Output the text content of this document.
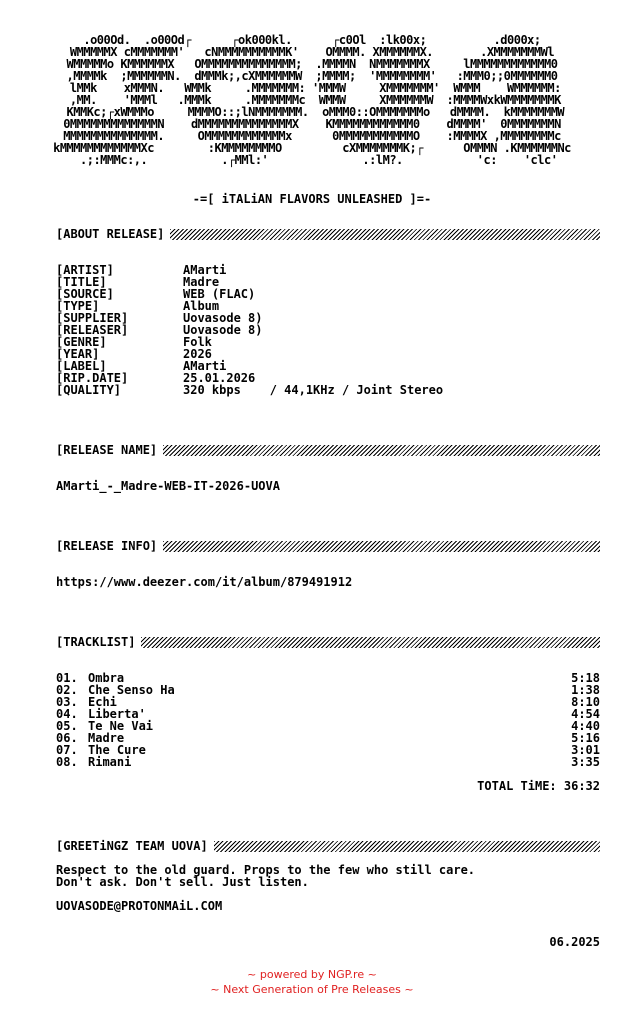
.o00Od.  .o00Od┌      ┌ok000kl.      ┌c0Ol  :lk00x;          .d000x;
WMMMMMX cMMMMMMM'   cNMMMMMMMMMMK'    OMMMM. XMMMMMMX.       .XMMMMMMMWl
WMMMMMo KMMMMMMX   OMMMMMMMMMMMMMM;  .MMMMN  NMMMMMMMX     lMMMMMMMMMMMM0
,MMMMk  ;MMMMMMN.  dMMMk;,cXMMMMMMW  ;MMMM;  'MMMMMMMM'   :MMM0;;0MMMMMM0
lMMk    xMMMN.   WMMk     .MMMMMMM: 'MMMW     XMMMMMMM'  WMMM    WMMMMMM:
,MM.    'MMMl   .MMMk     .MMMMMMMc  WMMW     XMMMMMMW  :MMMMWxkWMMMMMMMK
KMMKc;┌xWMMMo     MMMMO::;lNMMMMMMM.  oMMM0::OMMMMMMMo   dMMMM.  kMMMMMMMW
0MMMMMMMMMMMMMN    dMMMMMMMMMMMMMMX    KMMMMMMMMMMMM0    dMMMM'  0MMMMMMMN
MMMMMMMMMMMMMM.     OMMMMMMMMMMMMx      0MMMMMMMMMMMO    :MMMMX ,MMMMMMMMc
kMMMMMMMMMMMMXc        :KMMMMMMMMO         cXMMMMMMMK;┌      OMMMN .KMMMMMMNc
.;:MMMc:,.           .┌MMl:'              .:lM?.           'c:    'clc'
-=[ iTALiAN FLAVORS UNLEASHED ]=-
[ABOUT RELEASE]
[ARTIST]	AMarti
[TITLE]	Madre
[SOURCE]	WEB (FLAC)
[TYPE]	Album
[SUPPLIER]	Uovasode 8)
[RELEASER]	Uovasode 8)
[GENRE]	Folk
[YEAR]	2026
[LABEL]	AMarti
[RIP.DATE]	25.01.2026
[QUALITY]	320 kbps    / 44,1KHz / Joint Stereo
[RELEASE NAME]
AMarti_-_Madre-WEB-IT-2026-UOVA
[RELEASE INFO]
https://www.deezer.com/it/album/879491912
[TRACKLIST]
01. Ombra	5:18
02. Che Senso Ha	1:38
03. Echi	8:10
04. Liberta'	4:54
05. Te Ne Vai	4:40
06. Madre	5:16
07. The Cure	3:01
08. Rimani	3:35
TOTAL TiME: 36:32
[GREETiNGZ TEAM UOVA]
Respect to the old guard. Props to the few who still care.
Don't ask. Don't sell. Just listen.
UOVASODE@PROTONMAiL.COM
06.2025
~ powered by NGP.re ~
~ Next Generation of Pre Releases ~
